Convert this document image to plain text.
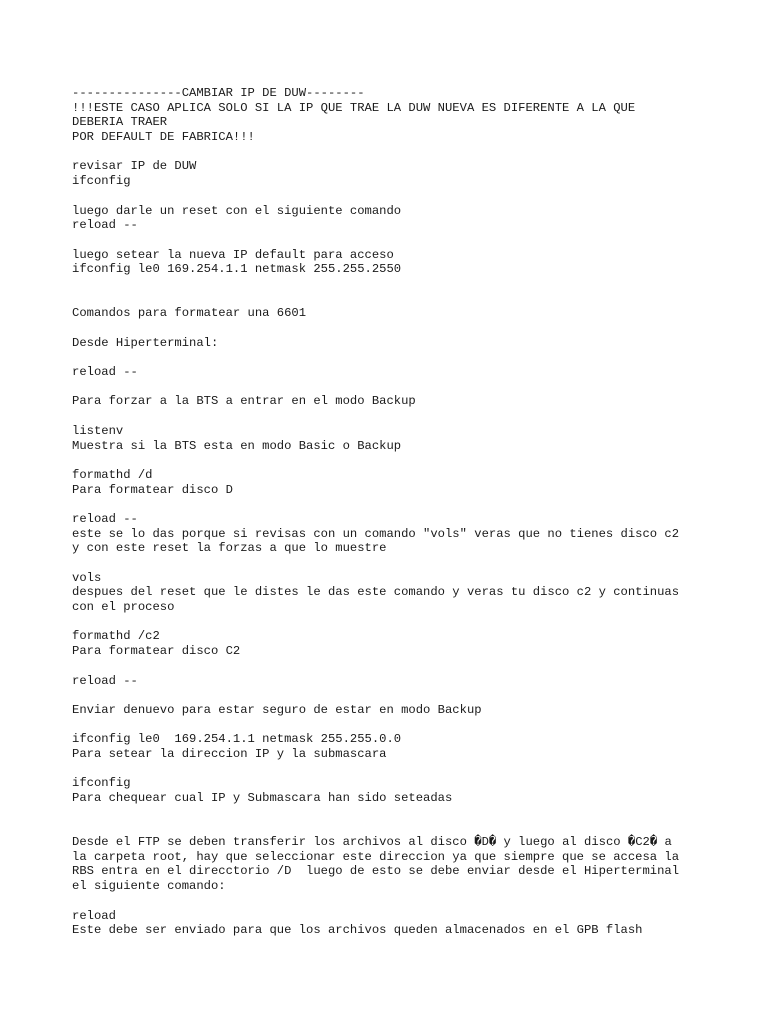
---------------CAMBIAR IP DE DUW--------
!!!ESTE CASO APLICA SOLO SI LA IP QUE TRAE LA DUW NUEVA ES DIFERENTE A LA QUE
DEBERIA TRAER
POR DEFAULT DE FABRICA!!!
revisar IP de DUW
ifconfig
luego darle un reset con el siguiente comando
reload --
luego setear la nueva IP default para acceso
ifconfig le0 169.254.1.1 netmask 255.255.2550
Comandos para formatear una 6601
Desde Hiperterminal:
reload --
Para forzar a la BTS a entrar en el modo Backup
listenv
Muestra si la BTS esta en modo Basic o Backup
formathd /d
Para formatear disco D
reload --
este se lo das porque si revisas con un comando "vols" veras que no tienes disco c2
y con este reset la forzas a que lo muestre
vols
despues del reset que le distes le das este comando y veras tu disco c2 y continuas
con el proceso
formathd /c2
Para formatear disco C2
reload --
Enviar denuevo para estar seguro de estar en modo Backup
ifconfig le0  169.254.1.1 netmask 255.255.0.0
Para setear la direccion IP y la submascara
ifconfig
Para chequear cual IP y Submascara han sido seteadas
Desde el FTP se deben transferir los archivos al disco �D� y luego al disco �C2� a
la carpeta root, hay que seleccionar este direccion ya que siempre que se accesa la
RBS entra en el direcctorio /D  luego de esto se debe enviar desde el Hiperterminal
el siguiente comando:
reload
Este debe ser enviado para que los archivos queden almacenados en el GPB flash
